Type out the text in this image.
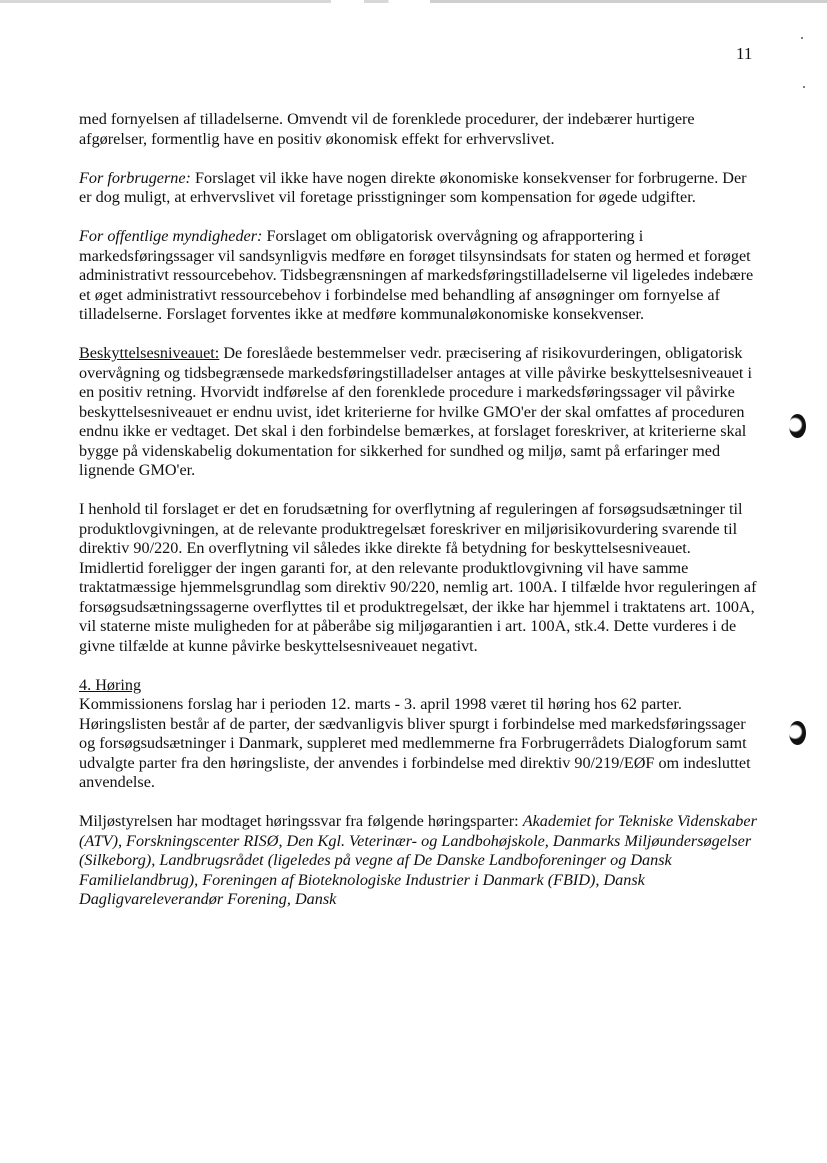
11

med fornyelsen af tilladelserne. Omvendt vil de forenklede procedurer, der indebærer hurtigere afgørelser, formentlig have en positiv økonomisk effekt for erhvervslivet.

For forbrugerne: Forslaget vil ikke have nogen direkte økonomiske konsekvenser for forbrugerne. Der er dog muligt, at erhvervslivet vil foretage prisstigninger som kompensation for øgede udgifter.

For offentlige myndigheder: Forslaget om obligatorisk overvågning og afrapportering i markedsføringssager vil sandsynligvis medføre en forøget tilsynsindsats for staten og hermed et forøget administrativt ressourcebehov. Tidsbegrænsningen af markedsføringstilladelserne vil ligeledes indebære et øget administrativt ressourcebehov i forbindelse med behandling af ansøgninger om fornyelse af tilladelserne. Forslaget forventes ikke at medføre kommunaløkonomiske konsekvenser.

Beskyttelsesniveauet: De foreslåede bestemmelser vedr. præcisering af risikovurderingen, obligatorisk overvågning og tidsbegrænsede markedsføringstilladelser antages at ville påvirke beskyttelsesniveauet i en positiv retning. Hvorvidt indførelse af den forenklede procedure i markedsføringssager vil påvirke beskyttelsesniveauet er endnu uvist, idet kriterierne for hvilke GMO'er der skal omfattes af proceduren endnu ikke er vedtaget. Det skal i den forbindelse bemærkes, at forslaget foreskriver, at kriterierne skal bygge på videnskabelig dokumentation for sikkerhed for sundhed og miljø, samt på erfaringer med lignende GMO'er.

I henhold til forslaget er det en forudsætning for overflytning af reguleringen af forsøgsudsætninger til produktlovgivningen, at de relevante produktregelsæt foreskriver en miljørisikovurdering svarende til direktiv 90/220. En overflytning vil således ikke direkte få betydning for beskyttelsesniveauet. Imidlertid foreligger der ingen garanti for, at den relevante produktlovgivning vil have samme traktatmæssige hjemmelsgrundlag som direktiv 90/220, nemlig art. 100A. I tilfælde hvor reguleringen af forsøgsudsætningssagerne overflyttes til et produktregelsæt, der ikke har hjemmel i traktatens art. 100A, vil staterne miste muligheden for at påberåbe sig miljøgarantien i art. 100A, stk.4. Dette vurderes i de givne tilfælde at kunne påvirke beskyttelsesniveauet negativt.

4. Høring

Kommissionens forslag har i perioden 12. marts - 3. april 1998 været til høring hos 62 parter. Høringslisten består af de parter, der sædvanligvis bliver spurgt i forbindelse med markedsføringssager og forsøgsudsætninger i Danmark, suppleret med medlemmerne fra Forbrugerrådets Dialogforum samt udvalgte parter fra den høringsliste, der anvendes i forbindelse med direktiv 90/219/EØF om indesluttet anvendelse.

Miljøstyrelsen har modtaget høringssvar fra følgende høringsparter: Akademiet for Tekniske Videnskaber (ATV), Forskningscenter RISØ, Den Kgl. Veterinær- og Landbohøjskole, Danmarks Miljøundersøgelser (Silkeborg), Landbrugsrådet (ligeledes på vegne af De Danske Landboforeninger og Dansk Familielandbrug), Foreningen af Bioteknologiske Industrier i Danmark (FBID), Dansk Dagligvareleverandør Forening, Dansk
